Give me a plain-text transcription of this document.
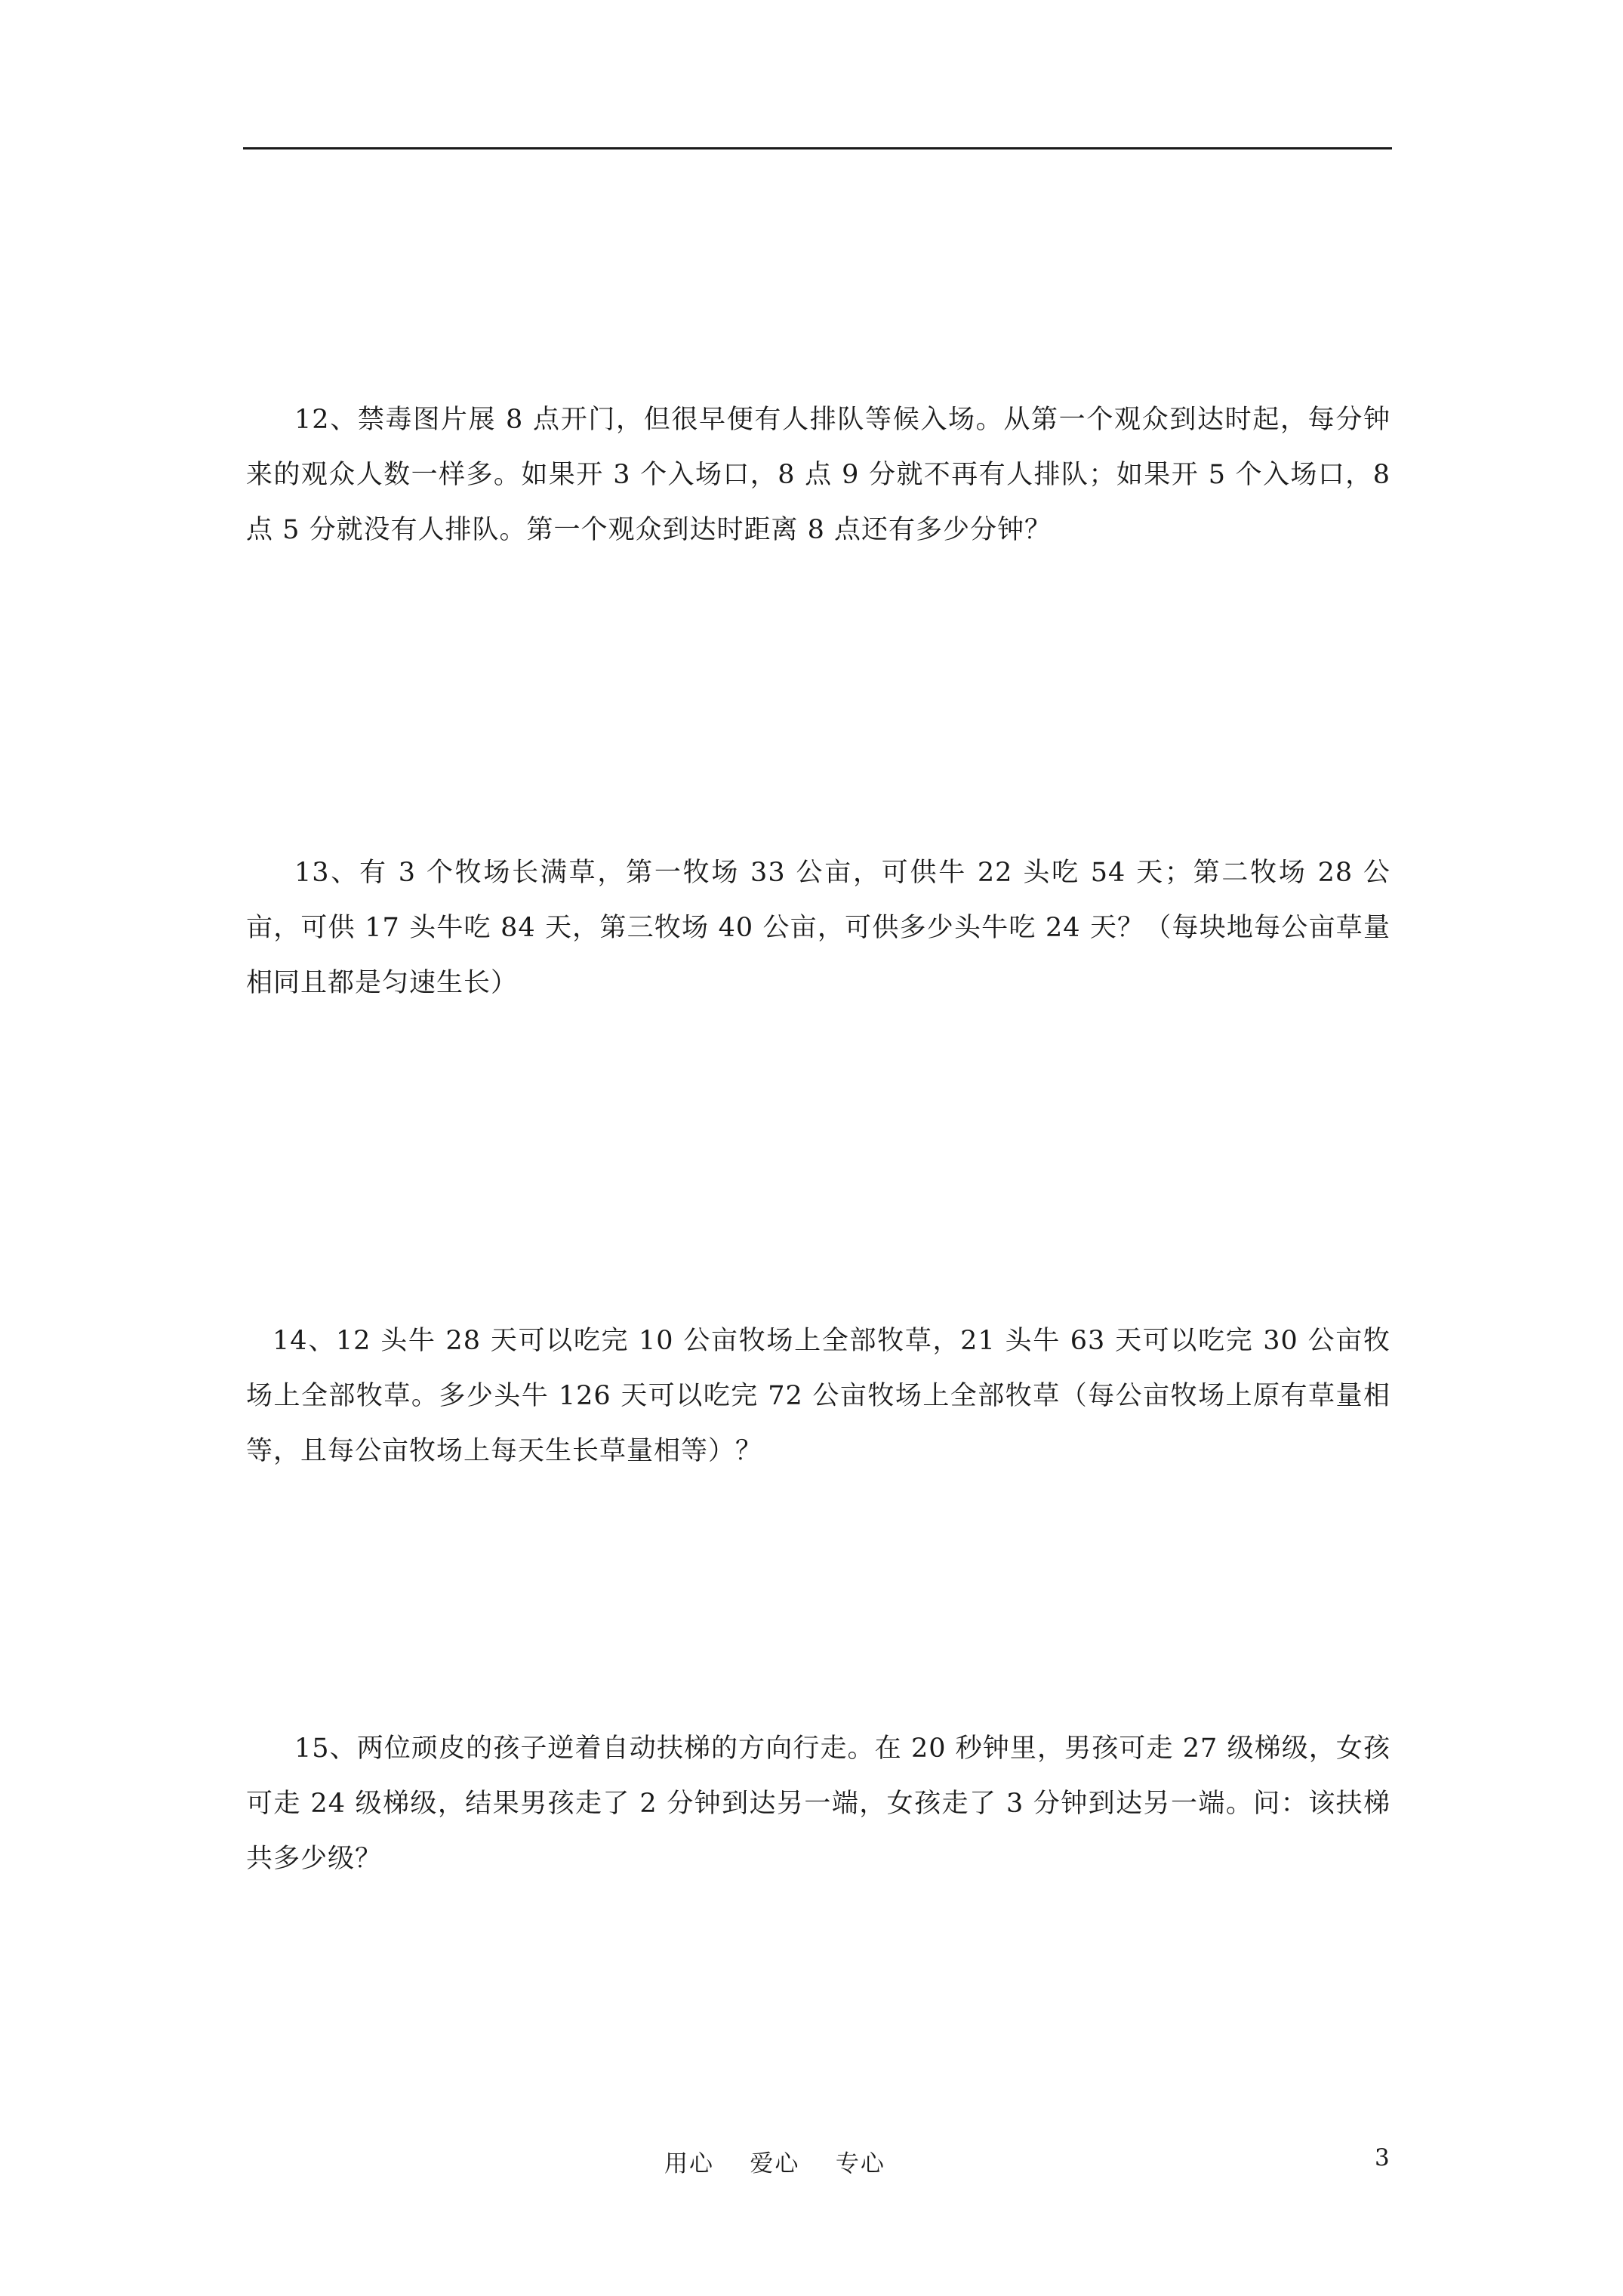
12、禁毒图片展 8 点开门，但很早便有人排队等候入场。从第一个观众到达时起，每分钟来的观众人数一样多。如果开 3 个入场口，8 点 9 分就不再有人排队；如果开 5 个入场口，8 点 5 分就没有人排队。第一个观众到达时距离 8 点还有多少分钟？

13、有 3 个牧场长满草，第一牧场 33 公亩，可供牛 22 头吃 54 天；第二牧场 28 公亩，可供 17 头牛吃 84 天，第三牧场 40 公亩，可供多少头牛吃 24 天？（每块地每公亩草量相同且都是匀速生长）

14、12 头牛 28 天可以吃完 10 公亩牧场上全部牧草，21 头牛 63 天可以吃完 30 公亩牧场上全部牧草。多少头牛 126 天可以吃完 72 公亩牧场上全部牧草（每公亩牧场上原有草量相等，且每公亩牧场上每天生长草量相等）？

15、两位顽皮的孩子逆着自动扶梯的方向行走。在 20 秒钟里，男孩可走 27 级梯级，女孩可走 24 级梯级，结果男孩走了 2 分钟到达另一端，女孩走了 3 分钟到达另一端。问：该扶梯共多少级？

用心    爱心    专心	3
